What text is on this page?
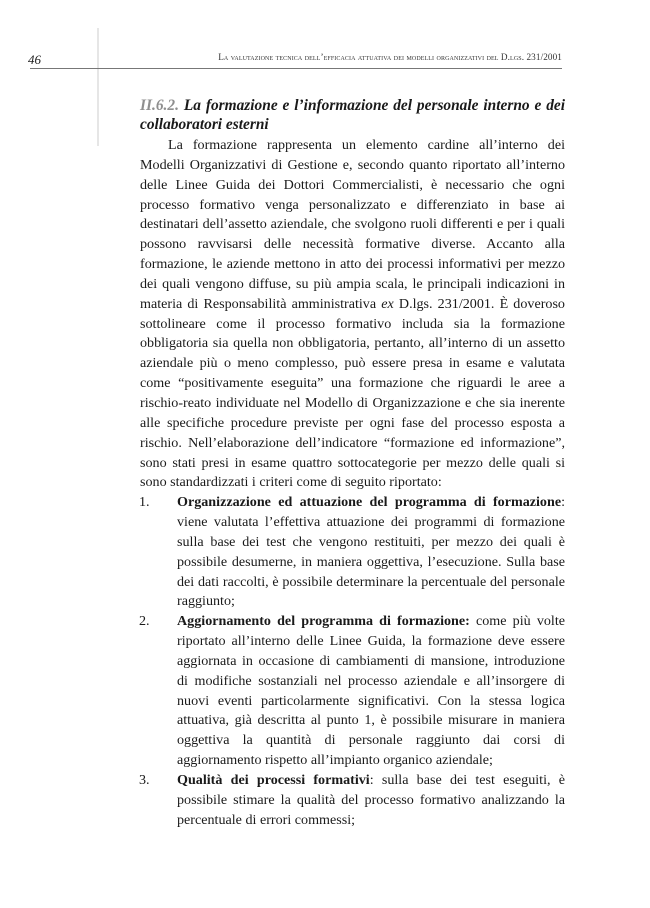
46	La valutazione tecnica dell’efficacia attuativa dei modelli organizzativi del D.lgs. 231/2001
II.6.2. La formazione e l’informazione del personale interno e dei collaboratori esterni

La formazione rappresenta un elemento cardine all’interno dei Modelli Organizzativi di Gestione e, secondo quanto riportato all’interno delle Linee Guida dei Dottori Commercialisti, è necessario che ogni processo formativo venga personalizzato e differenziato in base ai destinatari dell’assetto aziendale, che svolgono ruoli differenti e per i quali possono ravvisarsi delle necessità formative diverse. Accanto alla formazione, le aziende mettono in atto dei processi informativi per mezzo dei quali vengono diffuse, su più ampia scala, le principali indicazioni in materia di Responsabilità amministrativa ex D.lgs. 231/2001. È doveroso sottolineare come il processo formativo includa sia la formazione obbligatoria sia quella non obbligatoria, pertanto, all’interno di un assetto aziendale più o meno complesso, può essere presa in esame e valutata come “positivamente eseguita” una formazione che riguardi le aree a rischio-reato individuate nel Modello di Organizzazione e che sia inerente alle specifiche procedure previste per ogni fase del processo esposta a rischio. Nell’elaborazione dell’indicatore “formazione ed informazione”, sono stati presi in esame quattro sottocategorie per mezzo delle quali si sono standardizzati i criteri come di seguito riportato:

1. Organizzazione ed attuazione del programma di formazione: viene valutata l’effettiva attuazione dei programmi di formazione sulla base dei test che vengono restituiti, per mezzo dei quali è possibile desumerne, in maniera oggettiva, l’esecuzione. Sulla base dei dati raccolti, è possibile determinare la percentuale del personale raggiunto;

2. Aggiornamento del programma di formazione: come più volte riportato all’interno delle Linee Guida, la formazione deve essere aggiornata in occasione di cambiamenti di mansione, introduzione di modifiche sostanziali nel processo aziendale e all’insorgere di nuovi eventi particolarmente significativi. Con la stessa logica attuativa, già descritta al punto 1, è possibile misurare in maniera oggettiva la quantità di personale raggiunto dai corsi di aggiornamento rispetto all’impianto organico aziendale;

3. Qualità dei processi formativi: sulla base dei test eseguiti, è possibile stimare la qualità del processo formativo analizzando la percentuale di errori commessi;
